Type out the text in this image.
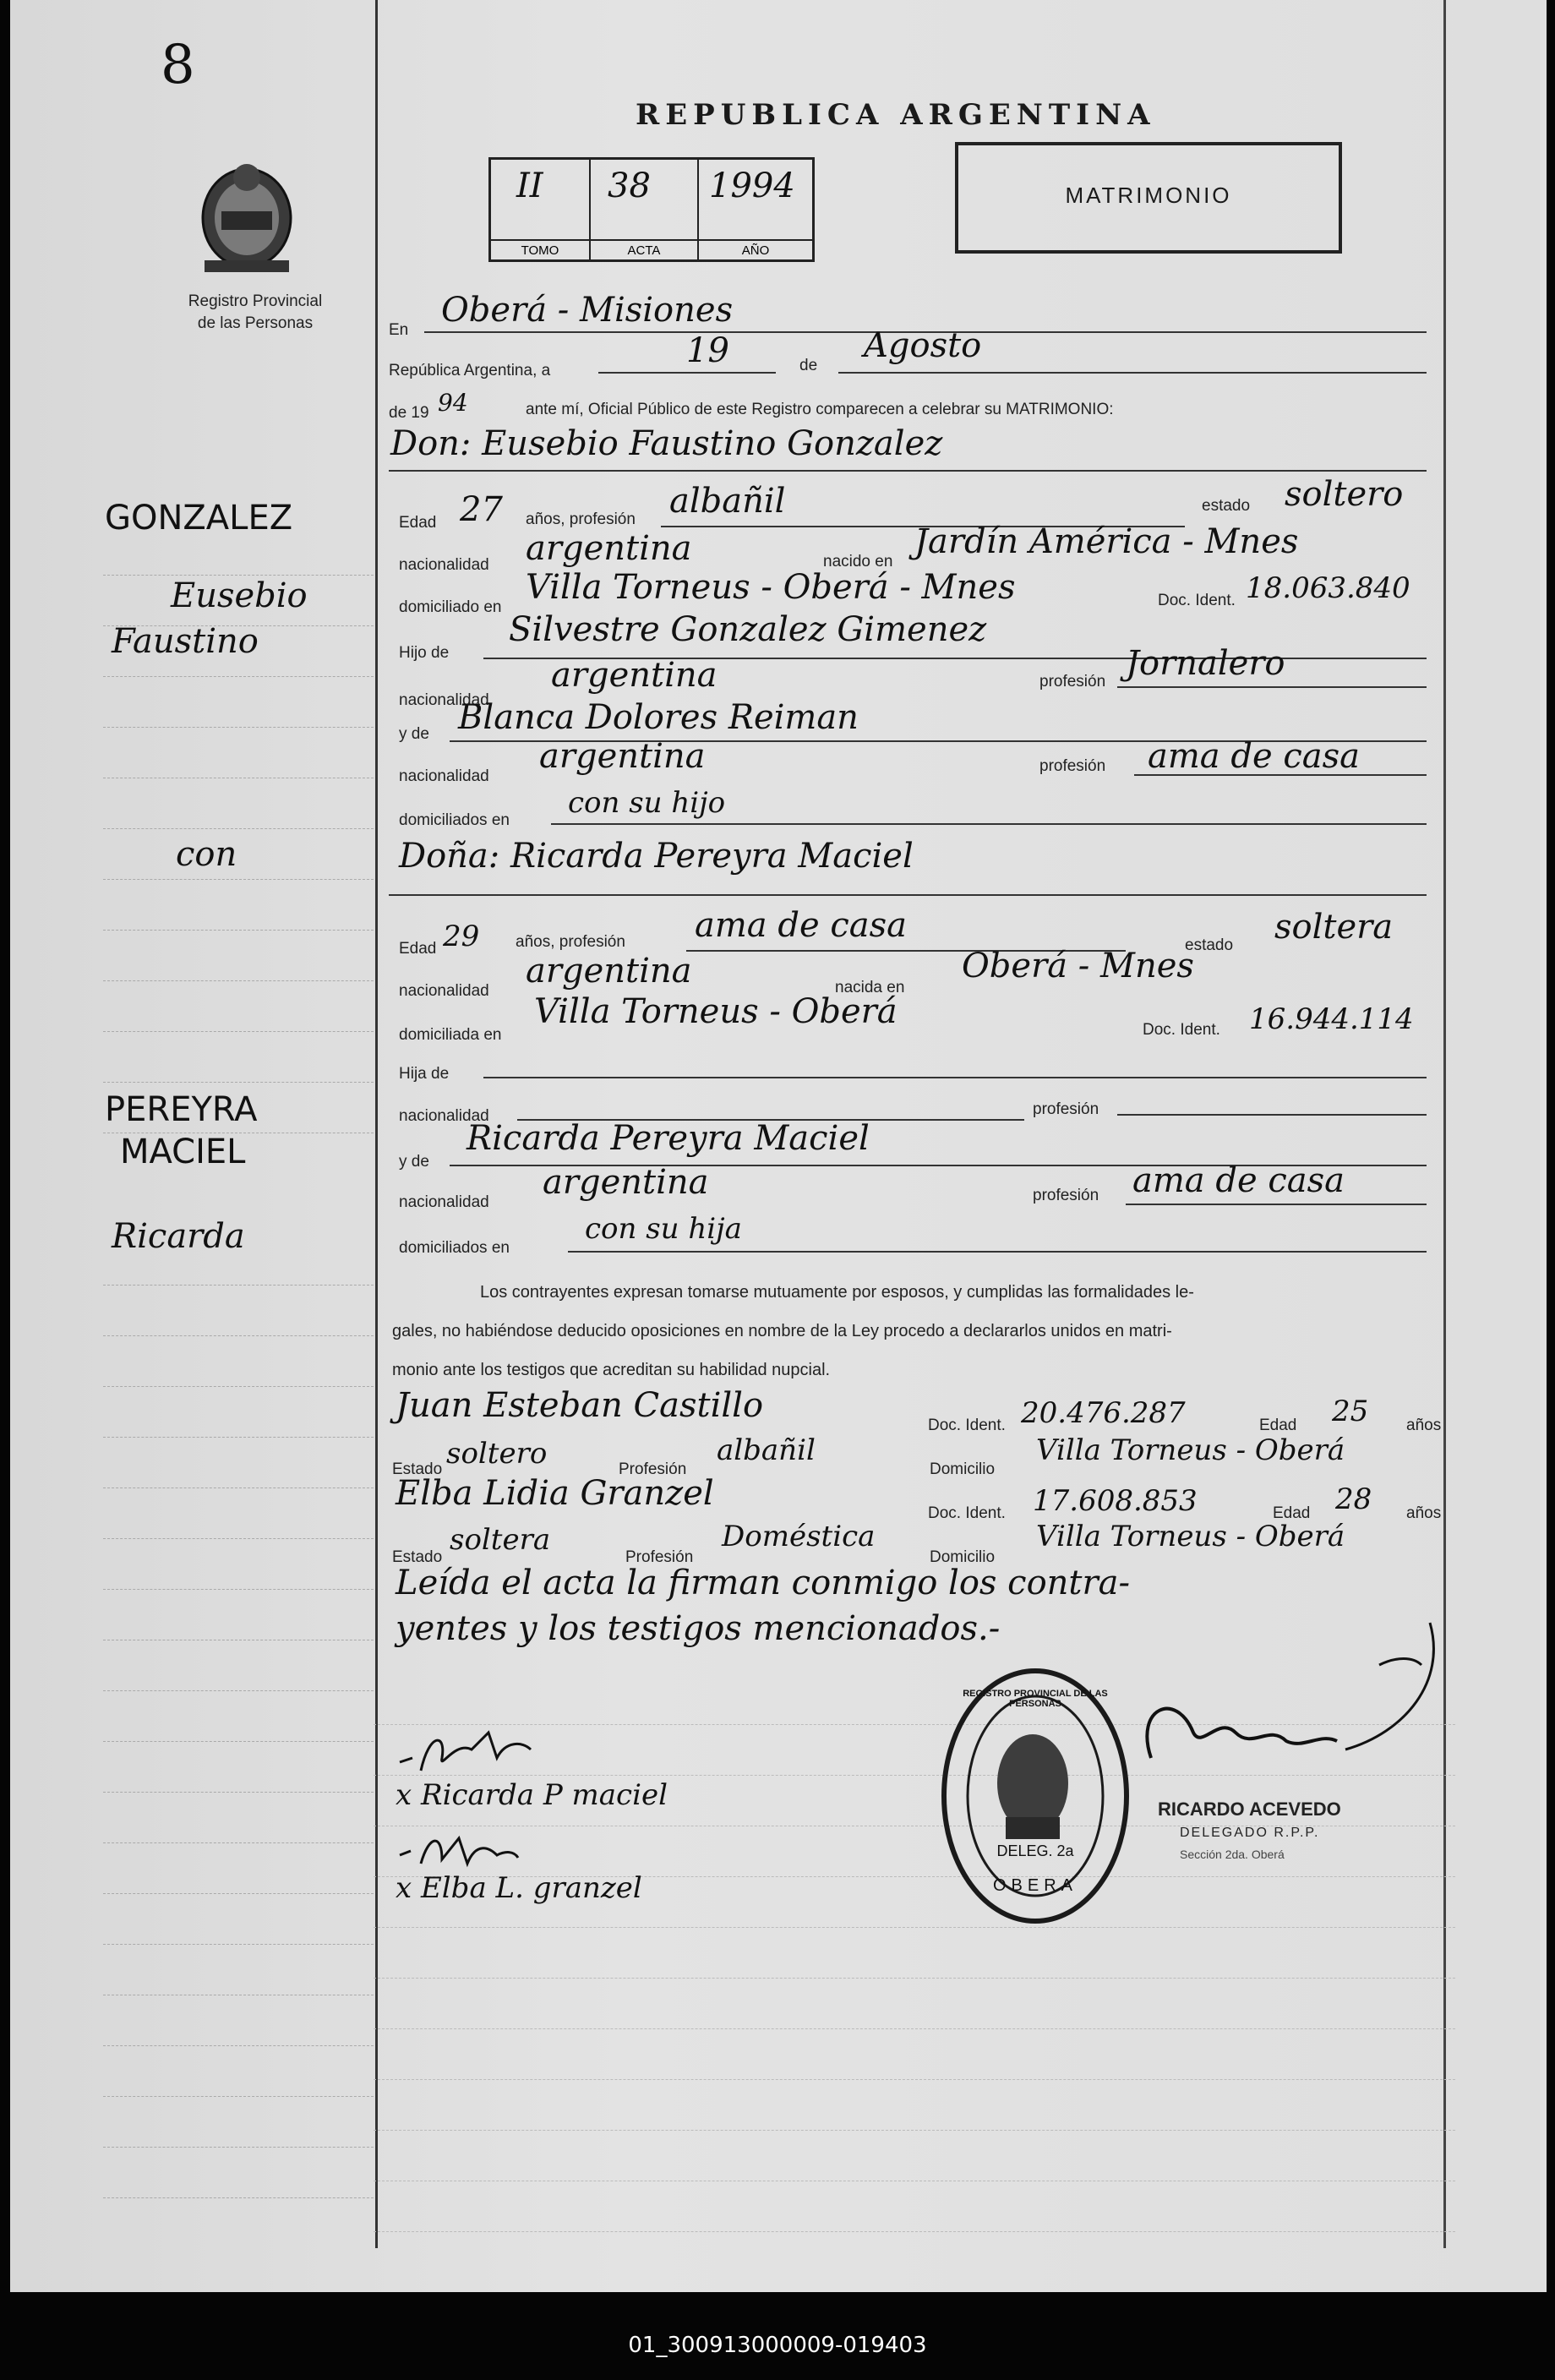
8
Registro Provincial
de las Personas
REPUBLICA ARGENTINA
II
TOMO
38
ACTA
1994
AÑO
MATRIMONIO
En
Oberá - Misiones
República Argentina, a
19	de
Agosto
de 19 94	ante mí, Oficial Público de este Registro comparecen a celebrar su MATRIMONIO:
Don: Eusebio Faustino Gonzalez
Edad 27 años, profesión albañil	estado soltero
nacionalidad argentina	nacido en
Jardín América - Mnes
domiciliado en
Villa Torneus - Oberá - Mnes	Doc. Ident. 18.063.840
Hijo de
Silvestre Gonzalez Gimenez
nacionalidad
argentina	profesión Jornalero
y de Blanca Dolores Reiman
nacionalidad
argentina	profesión ama de casa
domiciliados en
con su hijo
Doña: Ricarda Pereyra Maciel
Edad 29 años, profesión ama de casa
estado soltera
nacionalidad
argentina	nacida en
Oberá - Mnes
domiciliada en
Villa Torneus - Oberá	Doc. Ident. 16.944.114
Hija de
nacionalidad	profesión
y de
Ricarda Pereyra Maciel
nacionalidad
argentina	profesión ama de casa
domiciliados en
con su hija
GONZALEZ
Eusebio
Faustino
con
PEREYRA
MACIEL
Ricarda
Los contrayentes expresan tomarse mutuamente por esposos, y cumplidas las formalidades le-
gales, no habiéndose deducido oposiciones en nombre de la Ley procedo a declararlos unidos en matri-
monio ante los testigos que acreditan su habilidad nupcial.
Juan Esteban Castillo
Doc. Ident. 20.476.287	Edad 25 años
Estado soltero	Profesión
albañil
Domicilio
Villa Torneus - Oberá
Elba Lidia Granzel
Doc. Ident. 17.608.853	Edad 28 años
Estado
soltera
Profesión
Doméstica
Domicilio
Villa Torneus - Oberá
Leída el acta la firman conmigo los contra-
yentes y los testigos mencionados.-
x Ricarda P maciel
x Elba L. granzel
DELEG. 2a
OBERA
REGISTRO PROVINCIAL DE LAS PERSONAS
RICARDO ACEVEDO
DELEGADO R.P.P.
Sección 2da. Oberá
01_300913000009-019403
